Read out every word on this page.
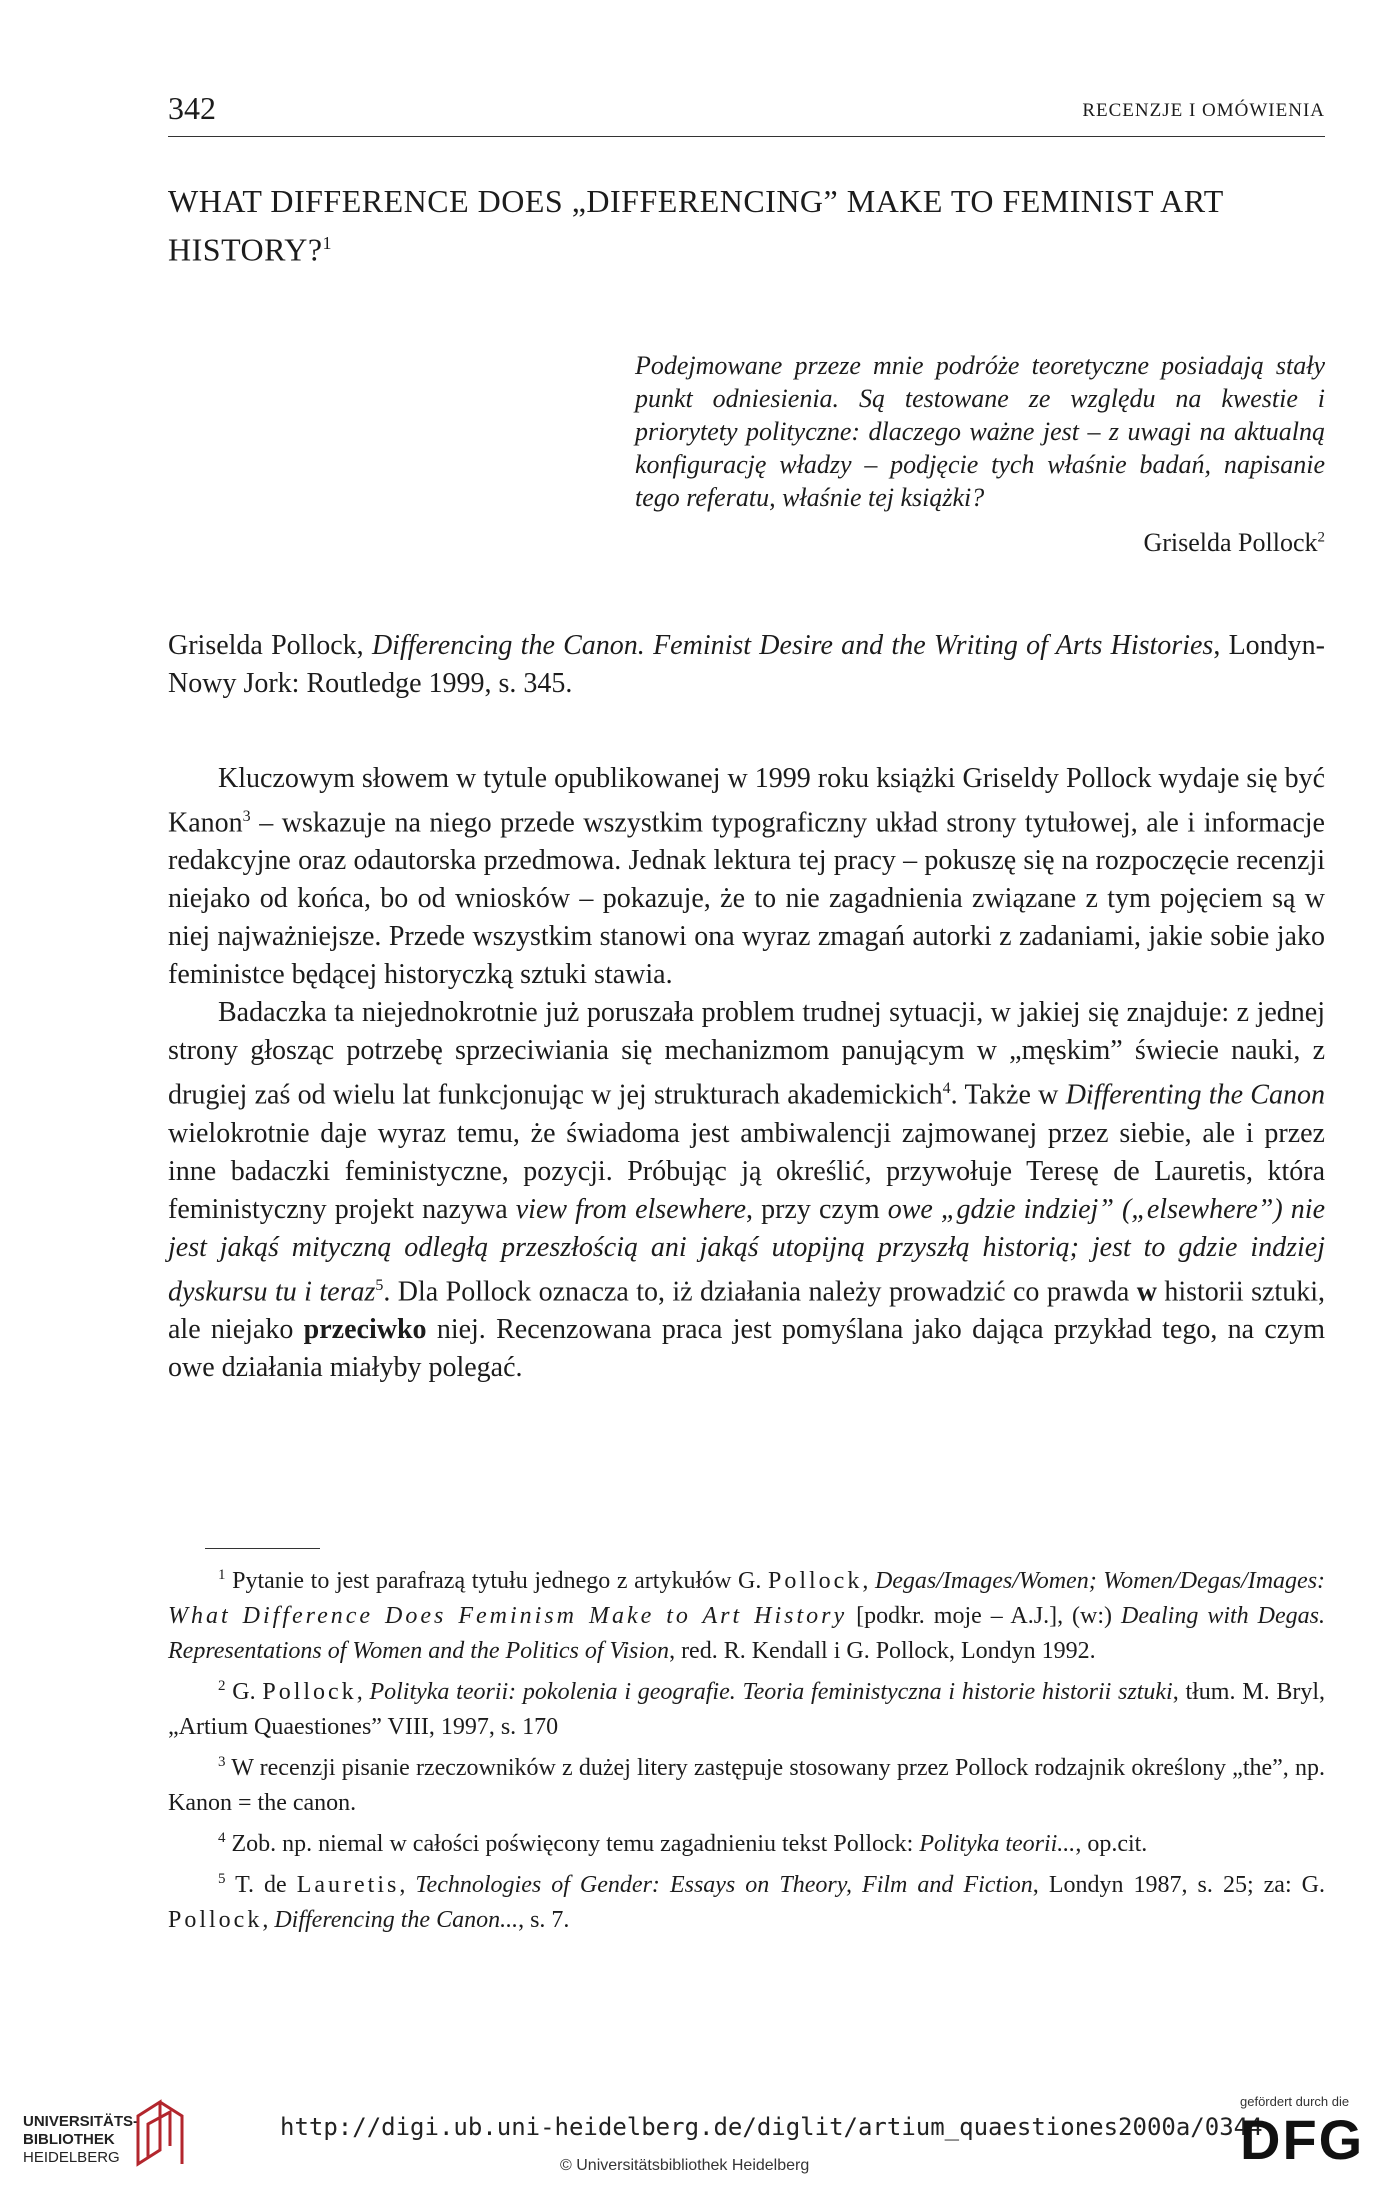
342	RECENZJE I OMÓWIENIA
WHAT DIFFERENCE DOES „DIFFERENCING” MAKE TO FEMINIST ART HISTORY?$^1$
Podejmowane przeze mnie podróże teoretyczne posiadają stały punkt odniesienia. Są testowane ze względu na kwestie i priorytety polityczne: dlaczego ważne jest – z uwagi na aktualną konfigurację władzy – podjęcie tych właśnie badań, napisanie tego referatu, właśnie tej książki?
Griselda Pollock$^2$
Griselda Pollock, Differencing the Canon. Feminist Desire and the Writing of Arts Histories, Londyn-Nowy Jork: Routledge 1999, s. 345.

Kluczowym słowem w tytule opublikowanej w 1999 roku książki Griseldy Pollock wydaje się być Kanon$^3$ – wskazuje na niego przede wszystkim typograficzny układ strony tytułowej, ale i informacje redakcyjne oraz odautorska przedmowa. Jednak lektura tej pracy – pokuszę się na rozpoczęcie recenzji niejako od końca, bo od wniosków – pokazuje, że to nie zagadnienia związane z tym pojęciem są w niej najważniejsze. Przede wszystkim stanowi ona wyraz zmagań autorki z zadaniami, jakie sobie jako feministce będącej historyczką sztuki stawia.

Badaczka ta niejednokrotnie już poruszała problem trudnej sytuacji, w jakiej się znajduje: z jednej strony głosząc potrzebę sprzeciwiania się mechanizmom panującym w „męskim” świecie nauki, z drugiej zaś od wielu lat funkcjonując w jej strukturach akademickich$^4$. Także w Differenting the Canon wielokrotnie daje wyraz temu, że świadoma jest ambiwalencji zajmowanej przez siebie, ale i przez inne badaczki feministyczne, pozycji. Próbując ją określić, przywołuje Teresę de Lauretis, która feministyczny projekt nazywa view from elsewhere, przy czym owe „gdzie indziej” („elsewhere”) nie jest jakąś mityczną odległą przeszłością ani jakąś utopijną przyszłą historią; jest to gdzie indziej dyskursu tu i teraz$^5$. Dla Pollock oznacza to, iż działania należy prowadzić co prawda w historii sztuki, ale niejako przeciwko niej. Recenzowana praca jest pomyślana jako dająca przykład tego, na czym owe działania miałyby polegać.

$^1$ Pytanie to jest parafrazą tytułu jednego z artykułów G. Pollock, Degas/Images/Women; Women/Degas/Images: What Difference Does Feminism Make to Art History [podkr. moje – A.J.], (w:) Dealing with Degas. Representations of Women and the Politics of Vision, red. R. Kendall i G. Pollock, Londyn 1992.

$^2$ G. Pollock, Polityka teorii: pokolenia i geografie. Teoria feministyczna i historie historii sztuki, tłum. M. Bryl, „Artium Quaestiones” VIII, 1997, s. 170

$^3$ W recenzji pisanie rzeczowników z dużej litery zastępuje stosowany przez Pollock rodzajnik określony „the”, np. Kanon = the canon.

$^4$ Zob. np. niemal w całości poświęcony temu zagadnieniu tekst Pollock: Polityka teorii..., op.cit.

$^5$ T. de Lauretis, Technologies of Gender: Essays on Theory, Film and Fiction, Londyn 1987, s. 25; za: G. Pollock, Differencing the Canon..., s. 7.

UNIVERSITÄTS-
BIBLIOTHEK
HEIDELBERG
http://digi.ub.uni-heidelberg.de/diglit/artium_quaestiones2000a/0344
© Universitätsbibliothek Heidelberg
gefördert durch die
DFG
